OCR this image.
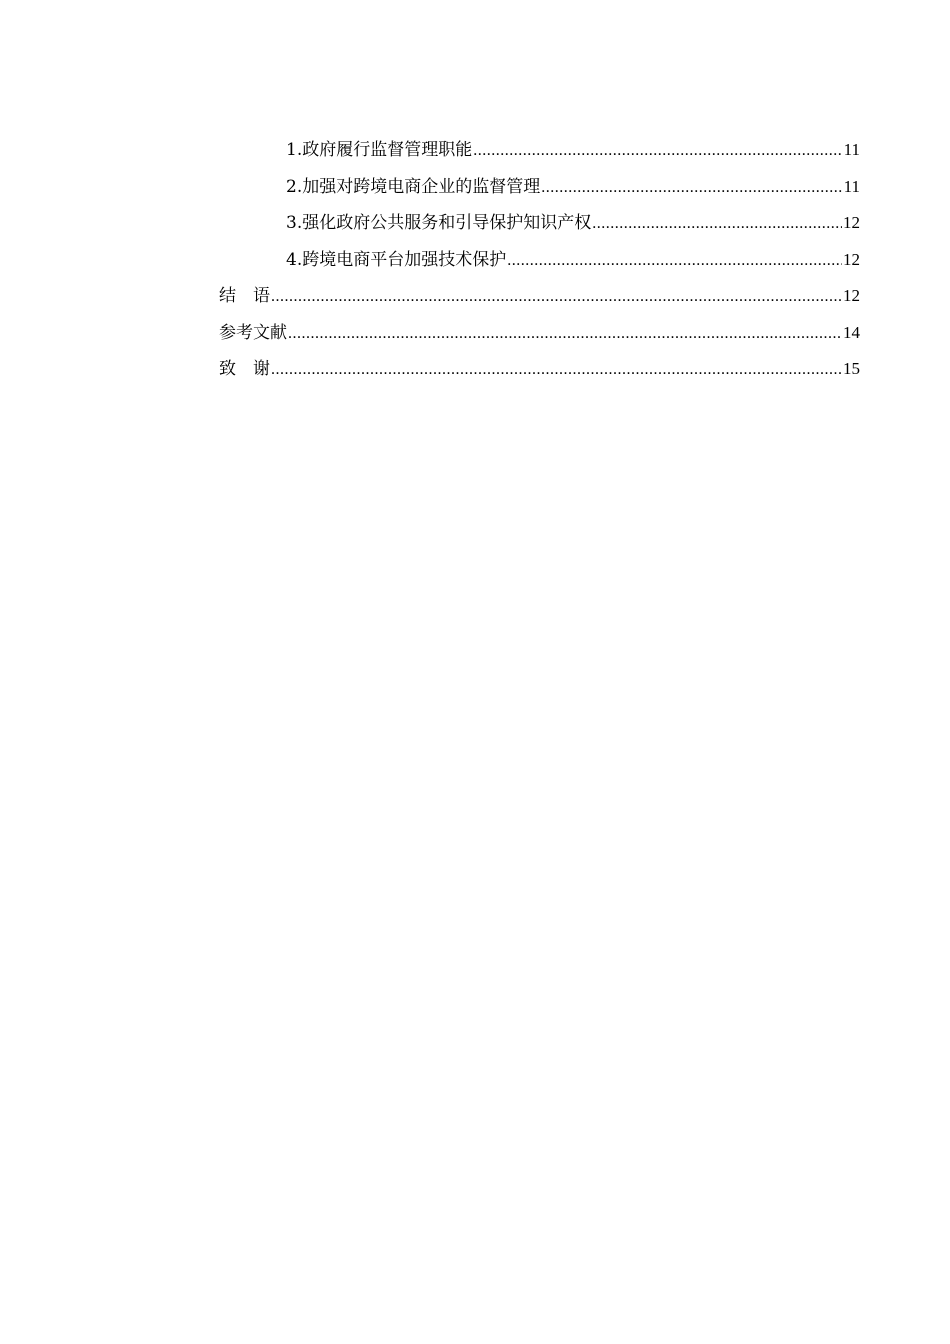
1.政府履行监督管理职能 .....	11
2.加强对跨境电商企业的监督管理 .....	11
3.强化政府公共服务和引导保护知识产权 .....	12
4.跨境电商平台加强技术保护 .....	12
结　语 .....	12
参考文献 .....	14
致　谢 .....	15
